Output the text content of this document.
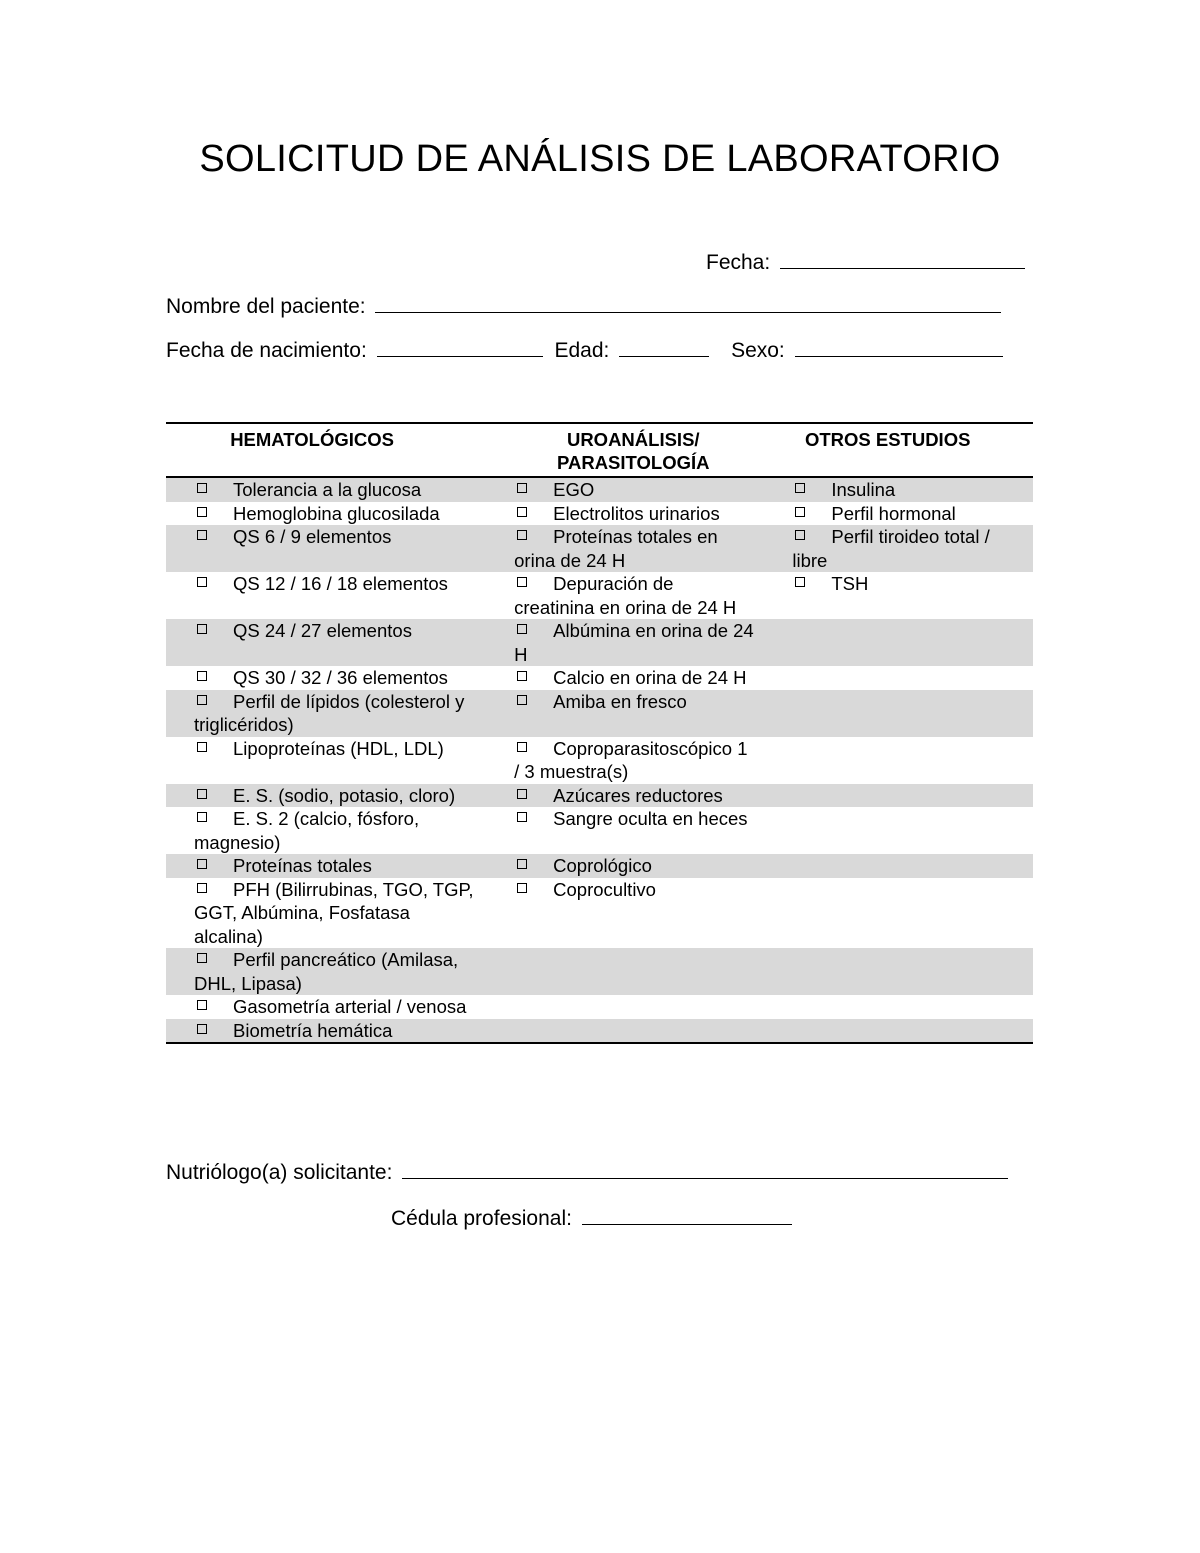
SOLICITUD DE ANÁLISIS DE LABORATORIO
Fecha:
Nombre del paciente:
Fecha de nacimiento:	Edad:	Sexo:
HEMATOLÓGICOS	UROANÁLISIS/ PARASITOLOGÍA	OTROS ESTUDIOS
Tolerancia a la glucosa	EGO	Insulina
Hemoglobina glucosilada	Electrolitos urinarios	Perfil hormonal
QS 6 / 9 elementos	Proteínas totales en orina de 24 H	Perfil tiroideo total / libre
QS 12 / 16 / 18 elementos	Depuración de creatinina en orina de 24 H	TSH
QS 24 / 27 elementos	Albúmina en orina de 24 H	
QS 30 / 32 / 36 elementos	Calcio en orina de 24 H	
Perfil de lípidos (colesterol y triglicéridos)	Amiba en fresco	
Lipoproteínas (HDL, LDL)	Coproparasitoscópico 1 / 3 muestra(s)	
E. S. (sodio, potasio, cloro)	Azúcares reductores	
E. S. 2 (calcio, fósforo, magnesio)	Sangre oculta en heces	
Proteínas totales	Coprológico	
PFH (Bilirrubinas, TGO, TGP, GGT, Albúmina, Fosfatasa alcalina)	Coprocultivo	
Perfil pancreático (Amilasa, DHL, Lipasa)		
Gasometría arterial / venosa		
Biometría hemática		
Nutriólogo(a) solicitante:
Cédula profesional:
